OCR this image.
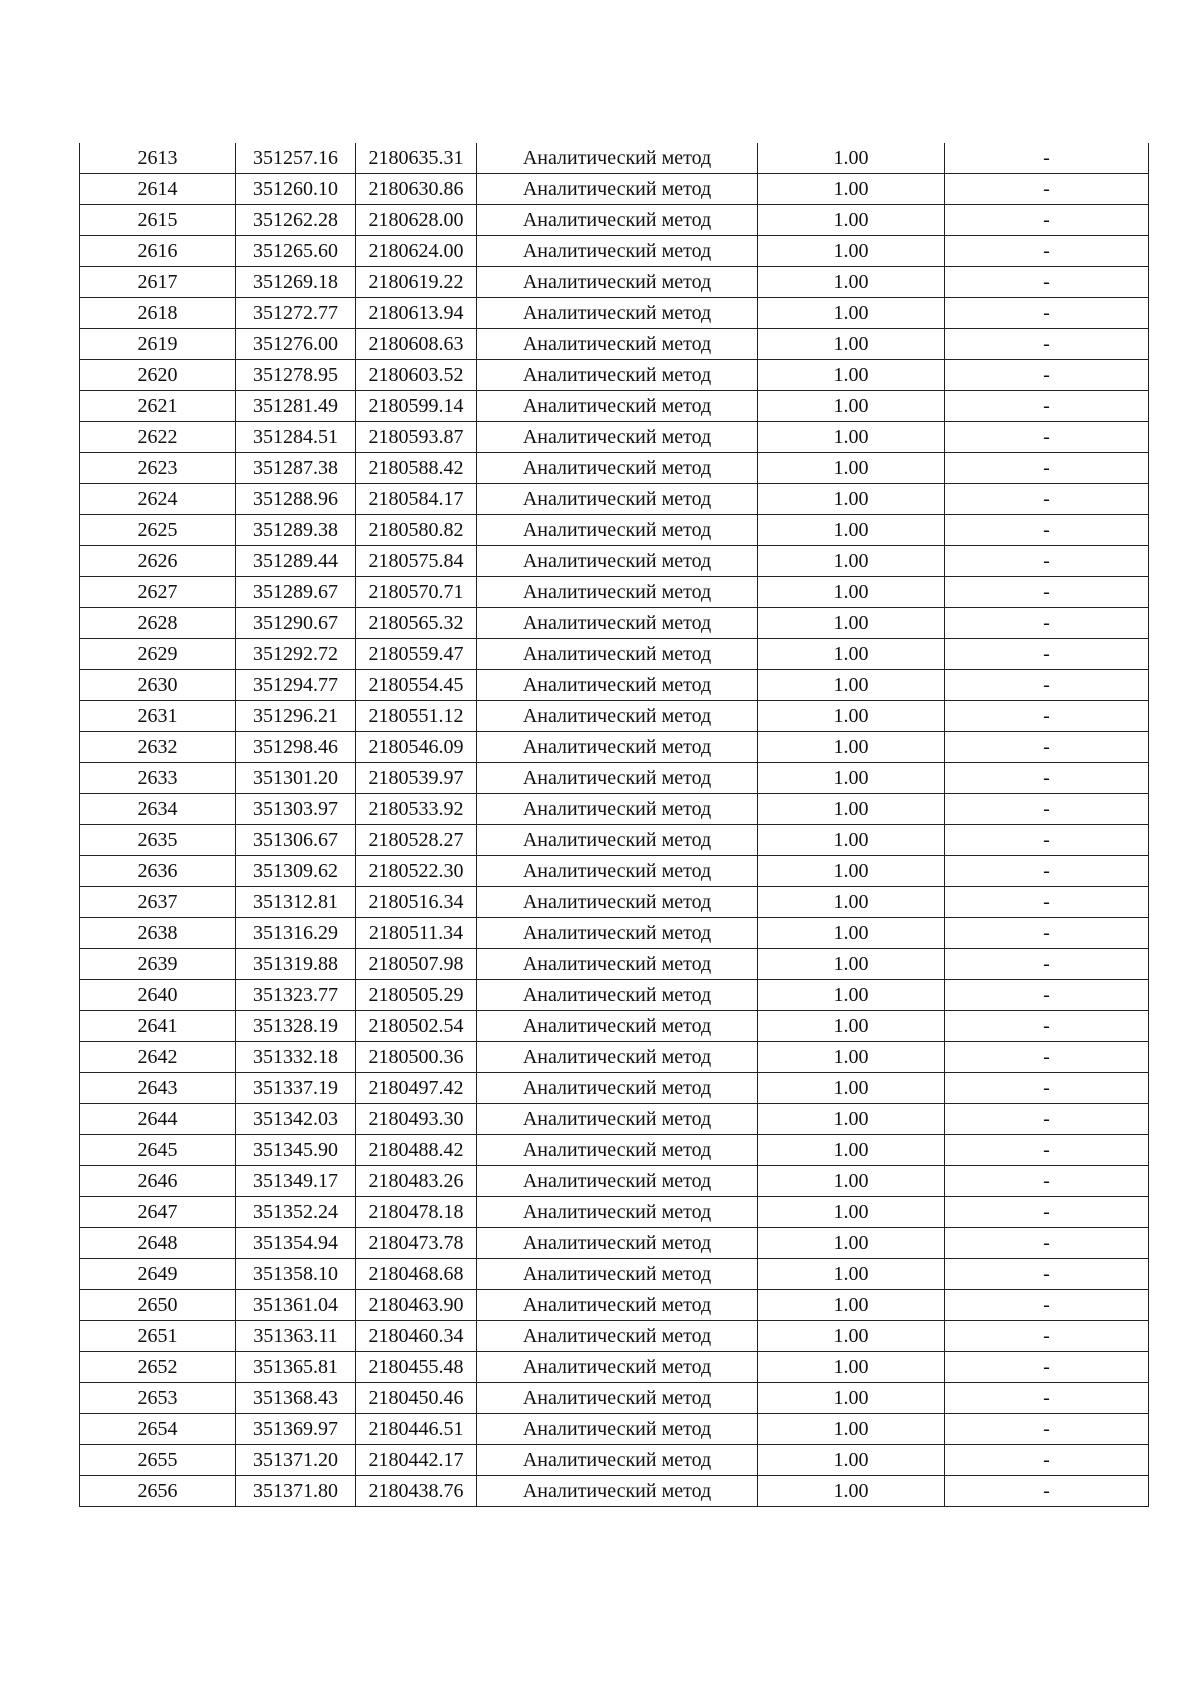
2613	351257.16	2180635.31	Аналитический метод	1.00	-
2614	351260.10	2180630.86	Аналитический метод	1.00	-
2615	351262.28	2180628.00	Аналитический метод	1.00	-
2616	351265.60	2180624.00	Аналитический метод	1.00	-
2617	351269.18	2180619.22	Аналитический метод	1.00	-
2618	351272.77	2180613.94	Аналитический метод	1.00	-
2619	351276.00	2180608.63	Аналитический метод	1.00	-
2620	351278.95	2180603.52	Аналитический метод	1.00	-
2621	351281.49	2180599.14	Аналитический метод	1.00	-
2622	351284.51	2180593.87	Аналитический метод	1.00	-
2623	351287.38	2180588.42	Аналитический метод	1.00	-
2624	351288.96	2180584.17	Аналитический метод	1.00	-
2625	351289.38	2180580.82	Аналитический метод	1.00	-
2626	351289.44	2180575.84	Аналитический метод	1.00	-
2627	351289.67	2180570.71	Аналитический метод	1.00	-
2628	351290.67	2180565.32	Аналитический метод	1.00	-
2629	351292.72	2180559.47	Аналитический метод	1.00	-
2630	351294.77	2180554.45	Аналитический метод	1.00	-
2631	351296.21	2180551.12	Аналитический метод	1.00	-
2632	351298.46	2180546.09	Аналитический метод	1.00	-
2633	351301.20	2180539.97	Аналитический метод	1.00	-
2634	351303.97	2180533.92	Аналитический метод	1.00	-
2635	351306.67	2180528.27	Аналитический метод	1.00	-
2636	351309.62	2180522.30	Аналитический метод	1.00	-
2637	351312.81	2180516.34	Аналитический метод	1.00	-
2638	351316.29	2180511.34	Аналитический метод	1.00	-
2639	351319.88	2180507.98	Аналитический метод	1.00	-
2640	351323.77	2180505.29	Аналитический метод	1.00	-
2641	351328.19	2180502.54	Аналитический метод	1.00	-
2642	351332.18	2180500.36	Аналитический метод	1.00	-
2643	351337.19	2180497.42	Аналитический метод	1.00	-
2644	351342.03	2180493.30	Аналитический метод	1.00	-
2645	351345.90	2180488.42	Аналитический метод	1.00	-
2646	351349.17	2180483.26	Аналитический метод	1.00	-
2647	351352.24	2180478.18	Аналитический метод	1.00	-
2648	351354.94	2180473.78	Аналитический метод	1.00	-
2649	351358.10	2180468.68	Аналитический метод	1.00	-
2650	351361.04	2180463.90	Аналитический метод	1.00	-
2651	351363.11	2180460.34	Аналитический метод	1.00	-
2652	351365.81	2180455.48	Аналитический метод	1.00	-
2653	351368.43	2180450.46	Аналитический метод	1.00	-
2654	351369.97	2180446.51	Аналитический метод	1.00	-
2655	351371.20	2180442.17	Аналитический метод	1.00	-
2656	351371.80	2180438.76	Аналитический метод	1.00	-
